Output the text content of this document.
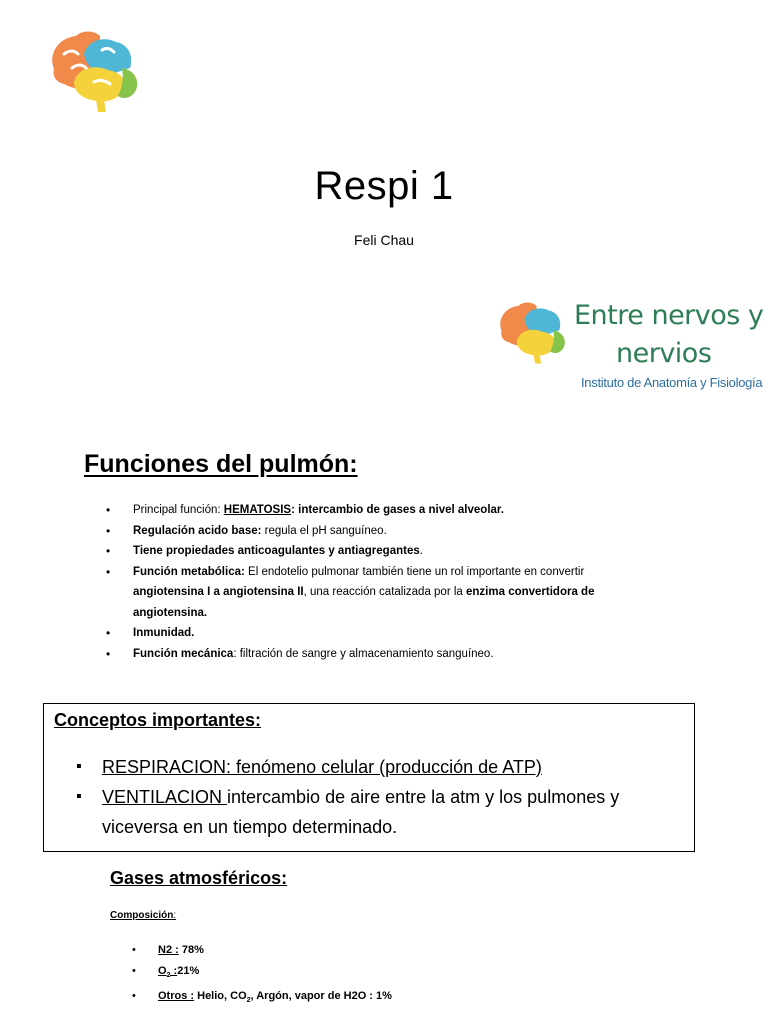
Respi 1
Feli Chau
Entre nervos y
nervios
Instituto de Anatomía y Fisiología
Funciones del pulmón:
• Principal función: HEMATOSIS: intercambio de gases a nivel alveolar.
• Regulación acido base: regula el pH sanguíneo.
• Tiene propiedades anticoagulantes y antiagregantes.
• Función metabólica: El endotelio pulmonar también tiene un rol importante en convertir angiotensina I a angiotensina II, una reacción catalizada por la enzima convertidora de angiotensina.
• Inmunidad.
• Función mecánica: filtración de sangre y almacenamiento sanguíneo.
Conceptos importantes:
▪ RESPIRACION: fenómeno celular (producción de ATP)
▪ VENTILACION intercambio de aire entre la atm y los pulmones y viceversa en un tiempo determinado.
Gases atmosféricos:
Composición:
• N2 : 78%
• $O_2$ :21%
• Otros : Helio, $CO_2$, Argón, vapor de H2O : 1%
